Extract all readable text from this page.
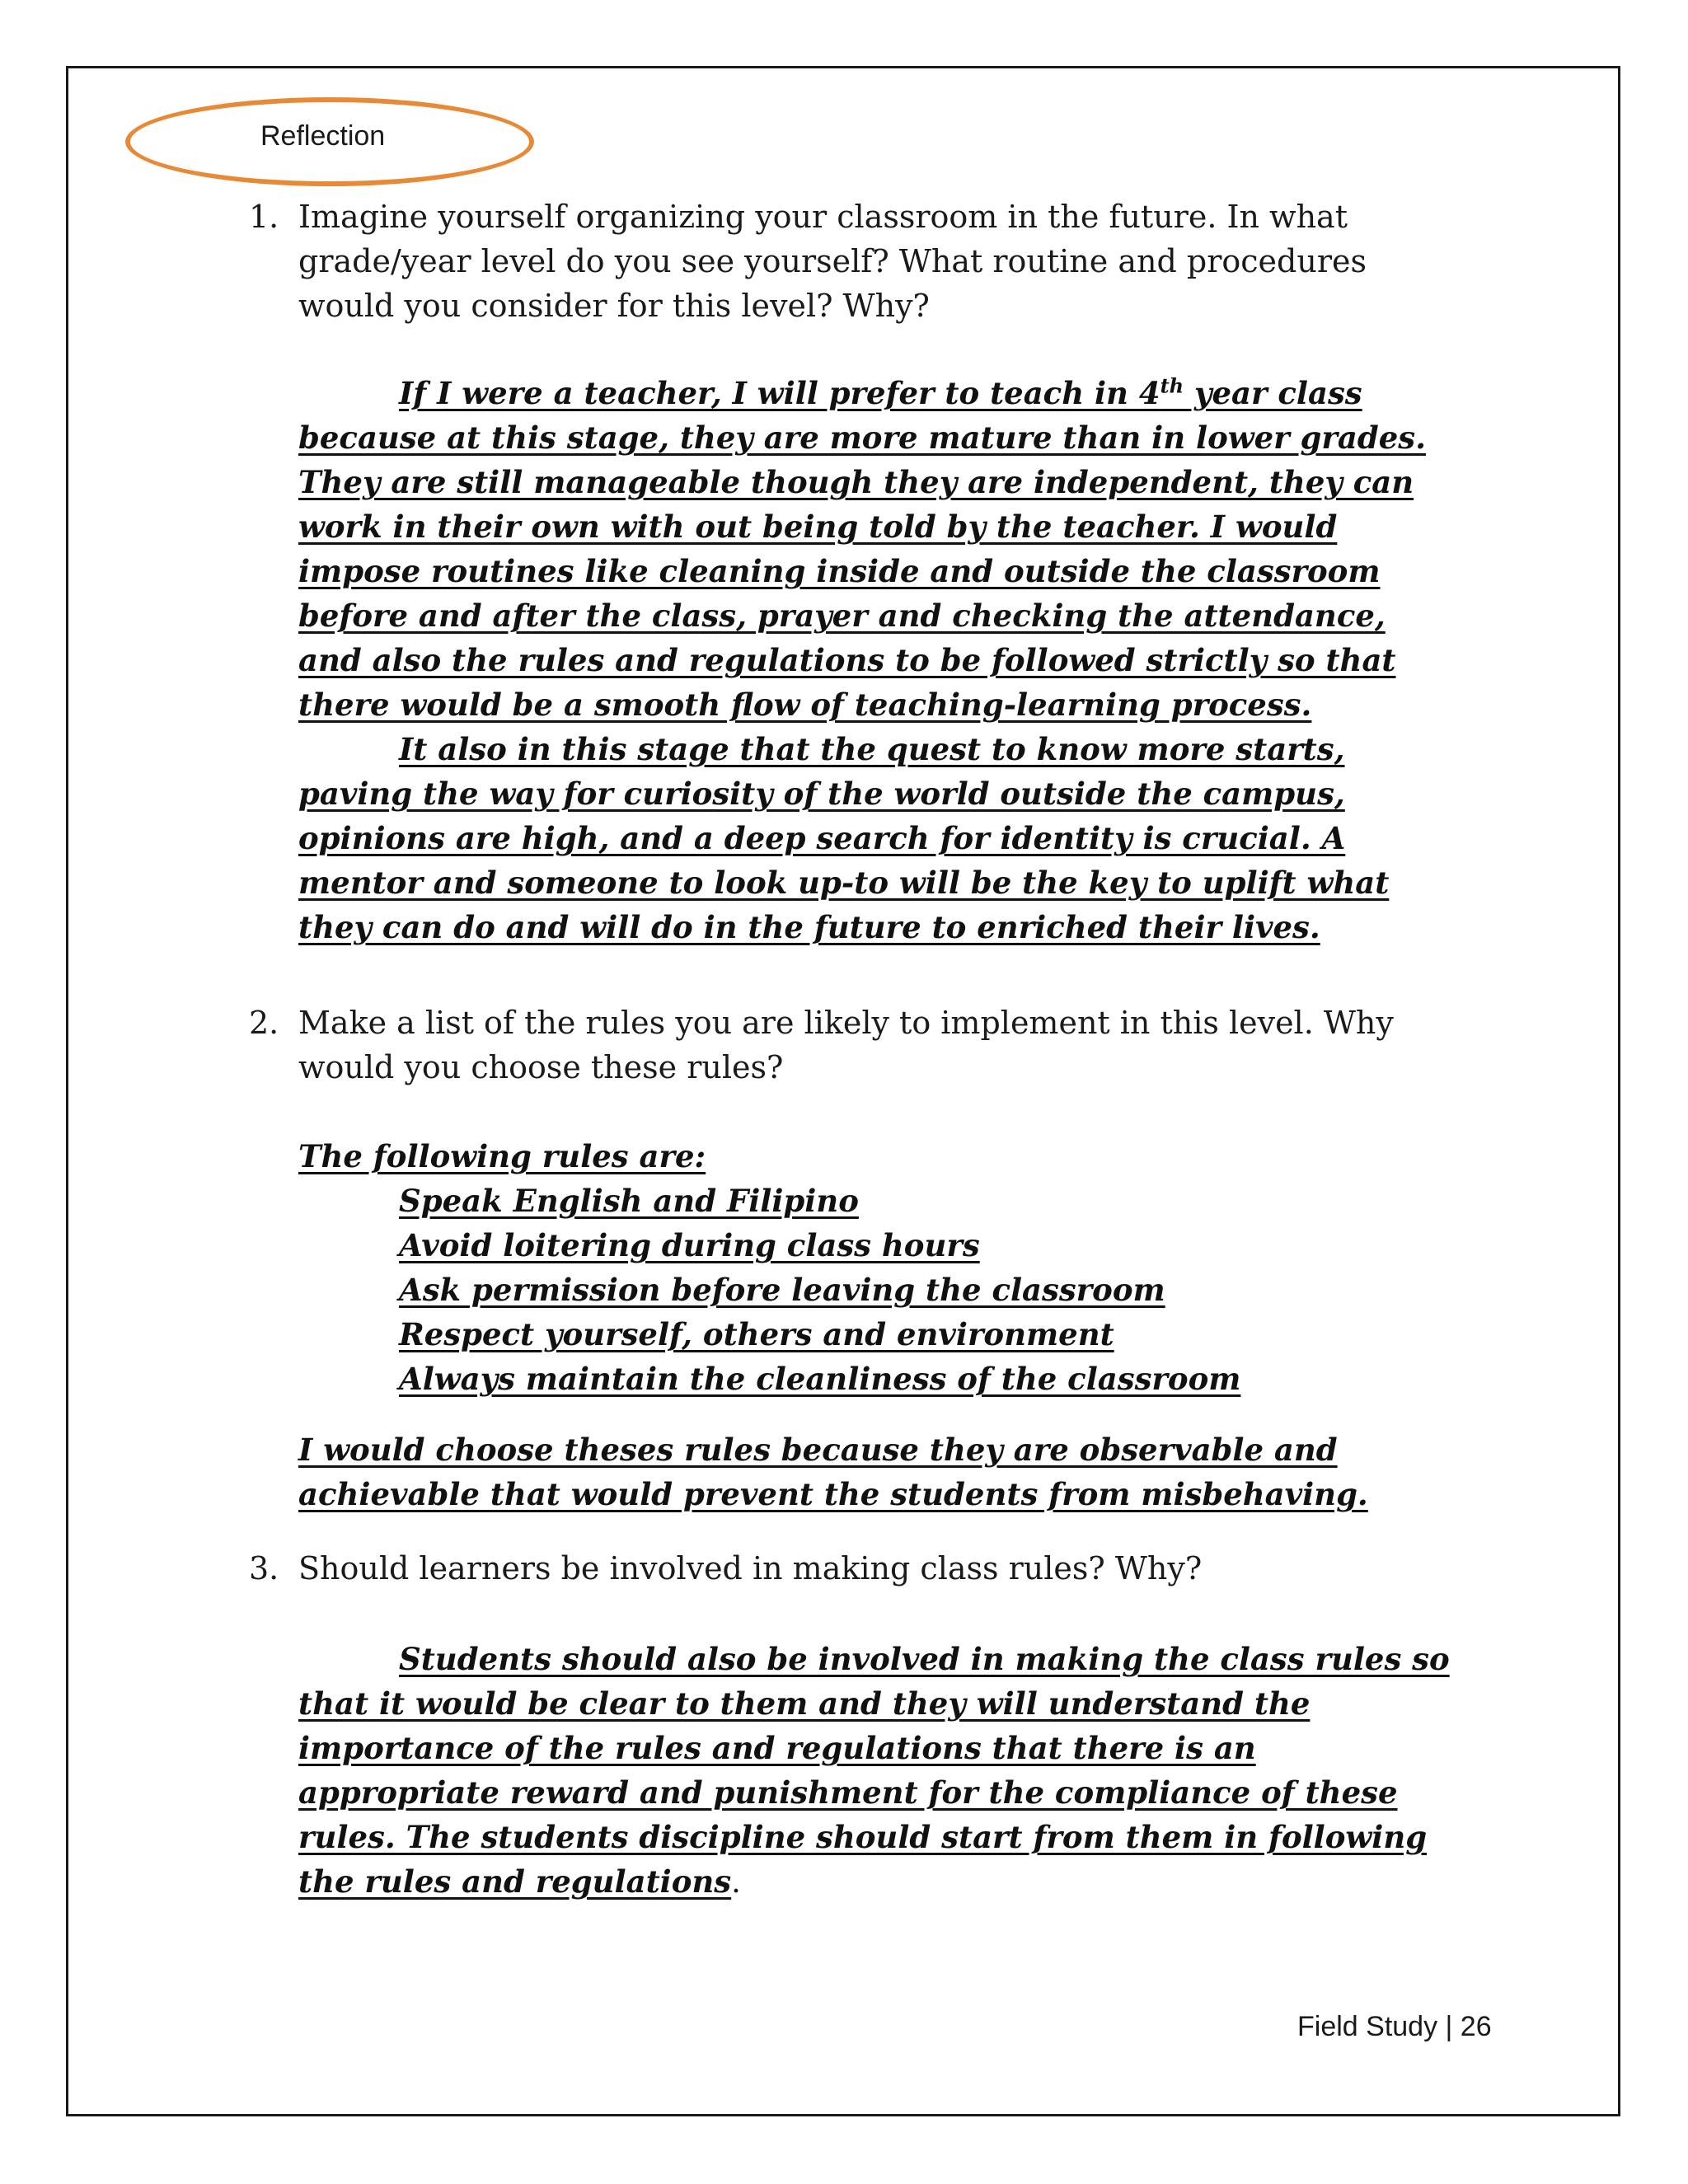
Reflection
1. Imagine yourself organizing your classroom in the future. In what
grade/year level do you see yourself? What routine and procedures
would you consider for this level? Why?
If I were a teacher, I will prefer to teach in 4th year class
because at this stage, they are more mature than in lower grades.
They are still manageable though they are independent, they can
work in their own with out being told by the teacher. I would
impose routines like cleaning inside and outside the classroom
before and after the class, prayer and checking the attendance,
and also the rules and regulations to be followed strictly so that
there would be a smooth flow of teaching-learning process.
It also in this stage that the quest to know more starts,
paving the way for curiosity of the world outside the campus,
opinions are high, and a deep search for identity is crucial. A
mentor and someone to look up-to will be the key to uplift what
they can do and will do in the future to enriched their lives.
2. Make a list of the rules you are likely to implement in this level. Why
would you choose these rules?
The following rules are:
Speak English and Filipino
Avoid loitering during class hours
Ask permission before leaving the classroom
Respect yourself, others and environment
Always maintain the cleanliness of the classroom
I would choose theses rules because they are observable and
achievable that would prevent the students from misbehaving.
3. Should learners be involved in making class rules? Why?
Students should also be involved in making the class rules so
that it would be clear to them and they will understand the
importance of the rules and regulations that there is an
appropriate reward and punishment for the compliance of these
rules. The students discipline should start from them in following
the rules and regulations.
Field Study | 26
